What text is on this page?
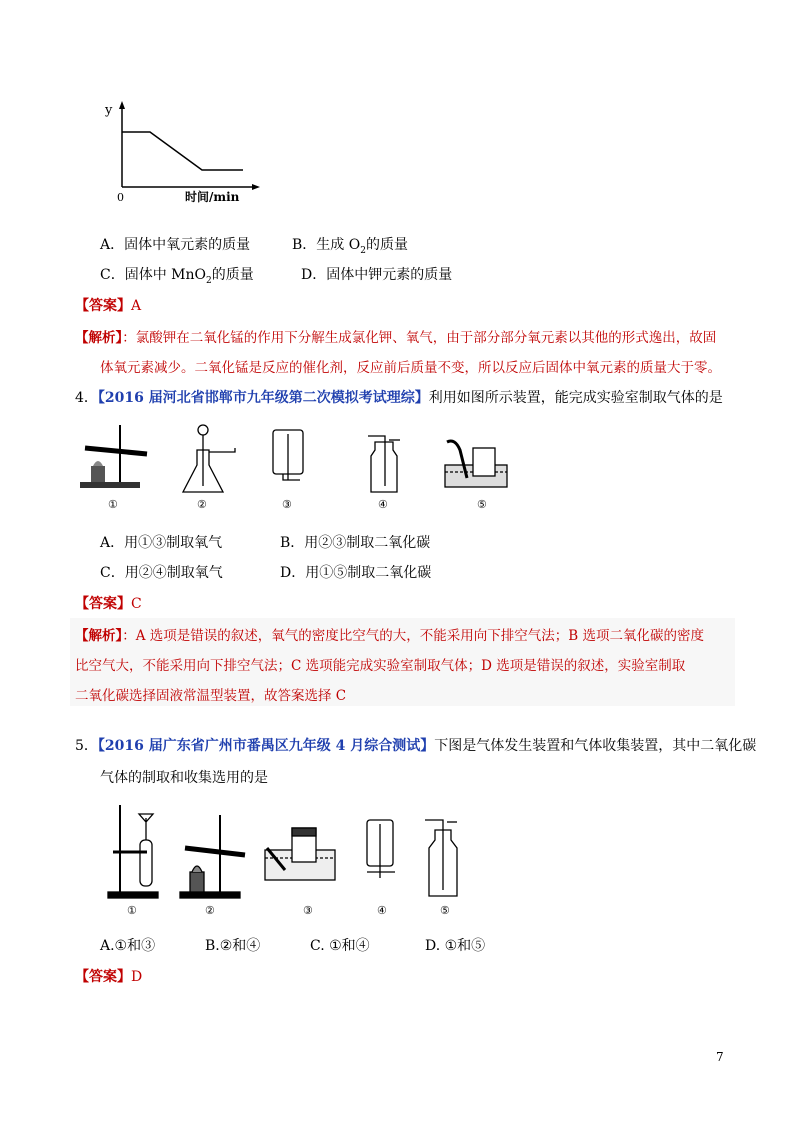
y
0	时间/min
A．固体中氧元素的质量	B．生成 $O_2$的质量
C．固体中 MnO$_2$的质量	D．固体中钾元素的质量
【答案】A
【解析】：氯酸钾在二氧化锰的作用下分解生成氯化钾、氧气，由于部分部分氧元素以其他的形式逸出，故固
体氧元素减少。二氧化锰是反应的催化剂，反应前后质量不变，所以反应后固体中氧元素的质量大于零。
4．【2016 届河北省邯郸市九年级第二次模拟考试理综】利用如图所示装置，能完成实验室制取气体的是
①	②	③	④	⑤
A．用①③制取氧气	B．用②③制取二氧化碳
C．用②④制取氧气	D．用①⑤制取二氧化碳
【答案】C
【解析】：A 选项是错误的叙述，氧气的密度比空气的大，不能采用向下排空气法；B 选项二氧化碳的密度
比空气大，不能采用向下排空气法；C 选项能完成实验室制取气体；D 选项是错误的叙述，实验室制取
二氧化碳选择固液常温型装置，故答案选择 C
5．【2016 届广东省广州市番禺区九年级 4 月综合测试】下图是气体发生装置和气体收集装置，其中二氧化碳
气体的制取和收集选用的是
①	②	③	④	⑤
A.①和③	B.②和④	C. ①和④	D. ①和⑤
【答案】D
7
